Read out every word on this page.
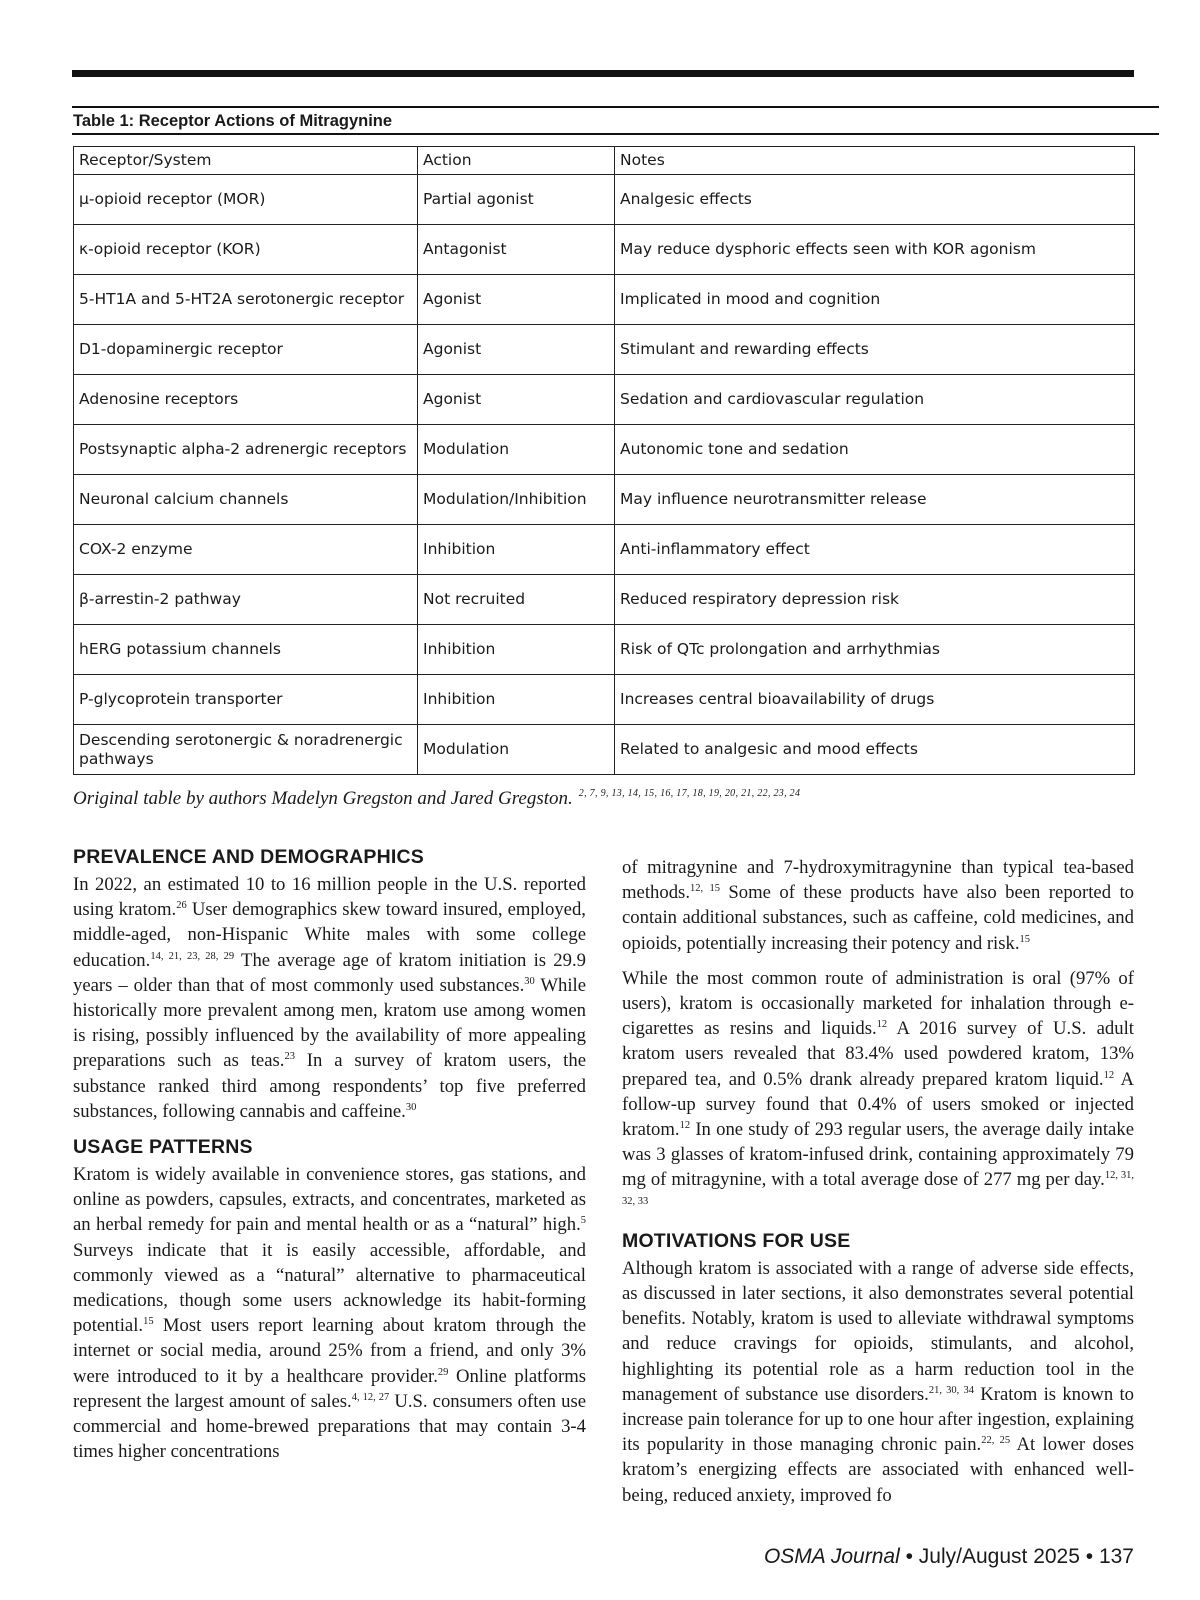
Table 1: Receptor Actions of Mitragynine
Receptor/System	Action	Notes
μ-opioid receptor (MOR)	Partial agonist	Analgesic effects
κ-opioid receptor (KOR)	Antagonist	May reduce dysphoric effects seen with KOR agonism
5-HT1A and 5-HT2A serotonergic receptor	Agonist	Implicated in mood and cognition
D1-dopaminergic receptor	Agonist	Stimulant and rewarding effects
Adenosine receptors	Agonist	Sedation and cardiovascular regulation
Postsynaptic alpha-2 adrenergic receptors	Modulation	Autonomic tone and sedation
Neuronal calcium channels	Modulation/Inhibition	May influence neurotransmitter release
COX-2 enzyme	Inhibition	Anti-inflammatory effect
β-arrestin-2 pathway	Not recruited	Reduced respiratory depression risk
hERG potassium channels	Inhibition	Risk of QTc prolongation and arrhythmias
P-glycoprotein transporter	Inhibition	Increases central bioavailability of drugs
Descending serotonergic & noradrenergic pathways	Modulation	Related to analgesic and mood effects
Original table by authors Madelyn Gregston and Jared Gregston. $^{2, 7, 9, 13, 14, 15, 16, 17, 18, 19, 20, 21, 22, 23, 24}$
PREVALENCE AND DEMOGRAPHICS

In 2022, an estimated 10 to 16 million people in the U.S. reported using kratom.$^{26}$ User demographics skew toward insured, employed, middle-aged, non-Hispanic White males with some college education.$^{14, 21, 23, 28, 29}$ The average age of kratom initiation is 29.9 years – older than that of most commonly used substances.$^{30}$ While historically more prevalent among men, kratom use among women is rising, possibly influenced by the availability of more appealing preparations such as teas.$^{23}$ In a survey of kratom users, the substance ranked third among respondents’ top five preferred substances, following cannabis and caffeine.$^{30}$

USAGE PATTERNS

Kratom is widely available in convenience stores, gas stations, and online as powders, capsules, extracts, and concentrates, marketed as an herbal remedy for pain and mental health or as a “natural” high.$^5$ Surveys indicate that it is easily accessible, affordable, and commonly viewed as a “natural” alternative to pharmaceutical medications, though some users acknowledge its habit-forming potential.$^{15}$ Most users report learning about kratom through the internet or social media, around 25% from a friend, and only 3% were introduced to it by a healthcare provider.$^{29}$ Online platforms represent the largest amount of sales.$^{4, 12, 27}$ U.S. consumers often use commercial and home-brewed preparations that may contain 3-4 times higher concentrations

of mitragynine and 7-hydroxymitragynine than typical tea-based methods.$^{12, 15}$ Some of these products have also been reported to contain additional substances, such as caffeine, cold medicines, and opioids, potentially increasing their potency and risk.$^{15}$

While the most common route of administration is oral (97% of users), kratom is occasionally marketed for inhalation through e-cigarettes as resins and liquids.$^{12}$ A 2016 survey of U.S. adult kratom users revealed that 83.4% used powdered kratom, 13% prepared tea, and 0.5% drank already prepared kratom liquid.$^{12}$ A follow-up survey found that 0.4% of users smoked or injected kratom.$^{12}$ In one study of 293 regular users, the average daily intake was 3 glasses of kratom-infused drink, containing approximately 79 mg of mitragynine, with a total average dose of 277 mg per day.$^{12, 31, 32, 33}$

MOTIVATIONS FOR USE

Although kratom is associated with a range of adverse side effects, as discussed in later sections, it also demonstrates several potential benefits. Notably, kratom is used to alleviate withdrawal symptoms and reduce cravings for opioids, stimulants, and alcohol, highlighting its potential role as a harm reduction tool in the management of substance use disorders.$^{21, 30, 34}$ Kratom is known to increase pain tolerance for up to one hour after ingestion, explaining its popularity in those managing chronic pain.$^{22, 25}$ At lower doses kratom’s energizing effects are associated with enhanced well-being, reduced anxiety, improved fo

OSMA Journal • July/August 2025 • 137
